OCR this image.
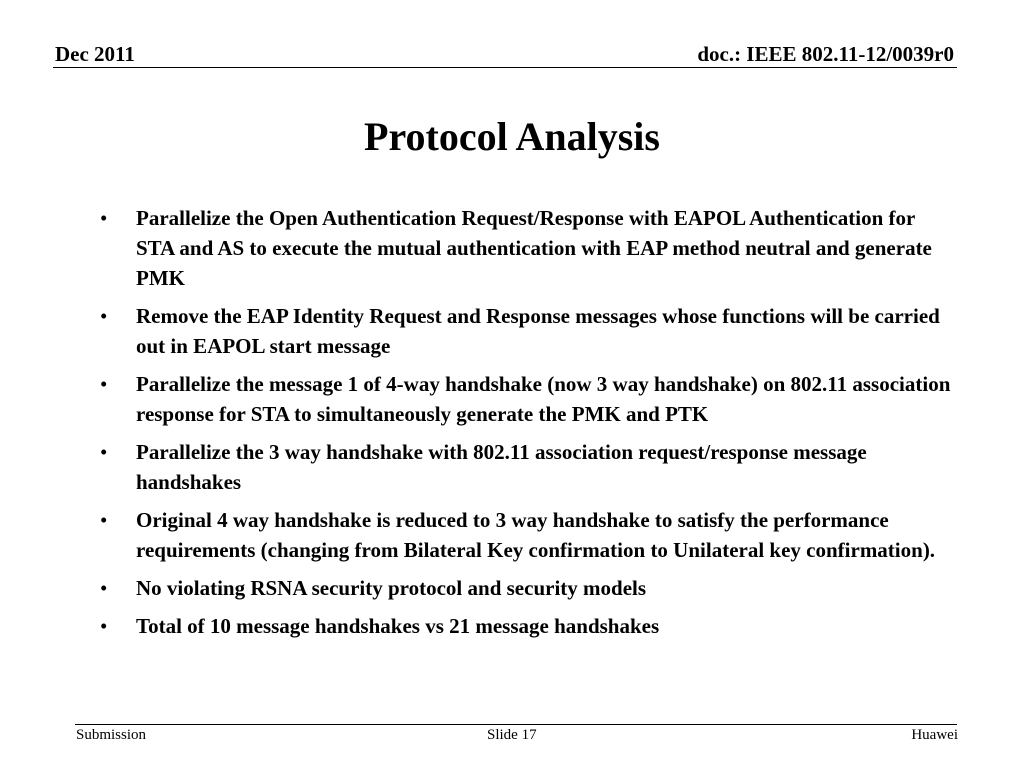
Dec 2011	doc.: IEEE 802.11-12/0039r0
Protocol Analysis
• Parallelize the Open Authentication Request/Response with EAPOL Authentication for STA and AS to execute the mutual authentication with EAP method neutral and generate PMK
• Remove the EAP Identity Request and Response messages whose functions will be carried out in EAPOL start message
• Parallelize the message 1 of 4-way handshake (now 3 way handshake) on 802.11 association response for STA to simultaneously generate the PMK and PTK
• Parallelize the 3 way handshake with 802.11 association request/response message handshakes
• Original 4 way handshake is reduced to 3 way handshake to satisfy the performance requirements (changing from Bilateral Key confirmation to Unilateral key confirmation).
• No violating RSNA security protocol and security models
• Total of 10 message handshakes vs 21 message handshakes
Submission	Slide 17	Huawei
